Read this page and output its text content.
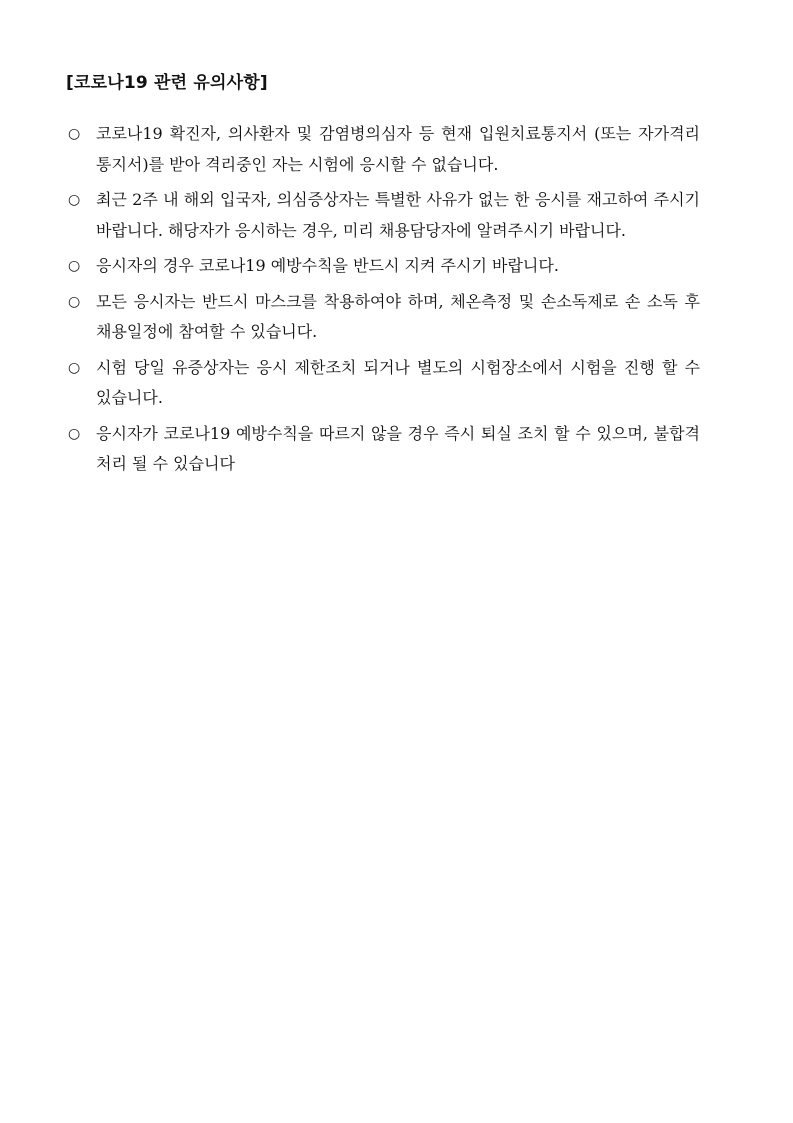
[코로나19 관련 유의사항]
○ 코로나19 확진자, 의사환자 및 감염병의심자 등 현재 입원치료통지서 (또는 자가격리 통지서)를 받아 격리중인 자는 시험에 응시할 수 없습니다.
○ 최근 2주 내 해외 입국자, 의심증상자는 특별한 사유가 없는 한 응시를 재고하여 주시기 바랍니다. 해당자가 응시하는 경우, 미리 채용담당자에 알려주시기 바랍니다.
○ 응시자의 경우 코로나19 예방수칙을 반드시 지켜 주시기 바랍니다.
○ 모든 응시자는 반드시 마스크를 착용하여야 하며, 체온측정 및 손소독제로 손 소독 후 채용일정에 참여할 수 있습니다.
○ 시험 당일 유증상자는 응시 제한조치 되거나 별도의 시험장소에서 시험을 진행 할 수 있습니다.
○ 응시자가 코로나19 예방수칙을 따르지 않을 경우 즉시 퇴실 조치 할 수 있으며, 불합격 처리 될 수 있습니다
